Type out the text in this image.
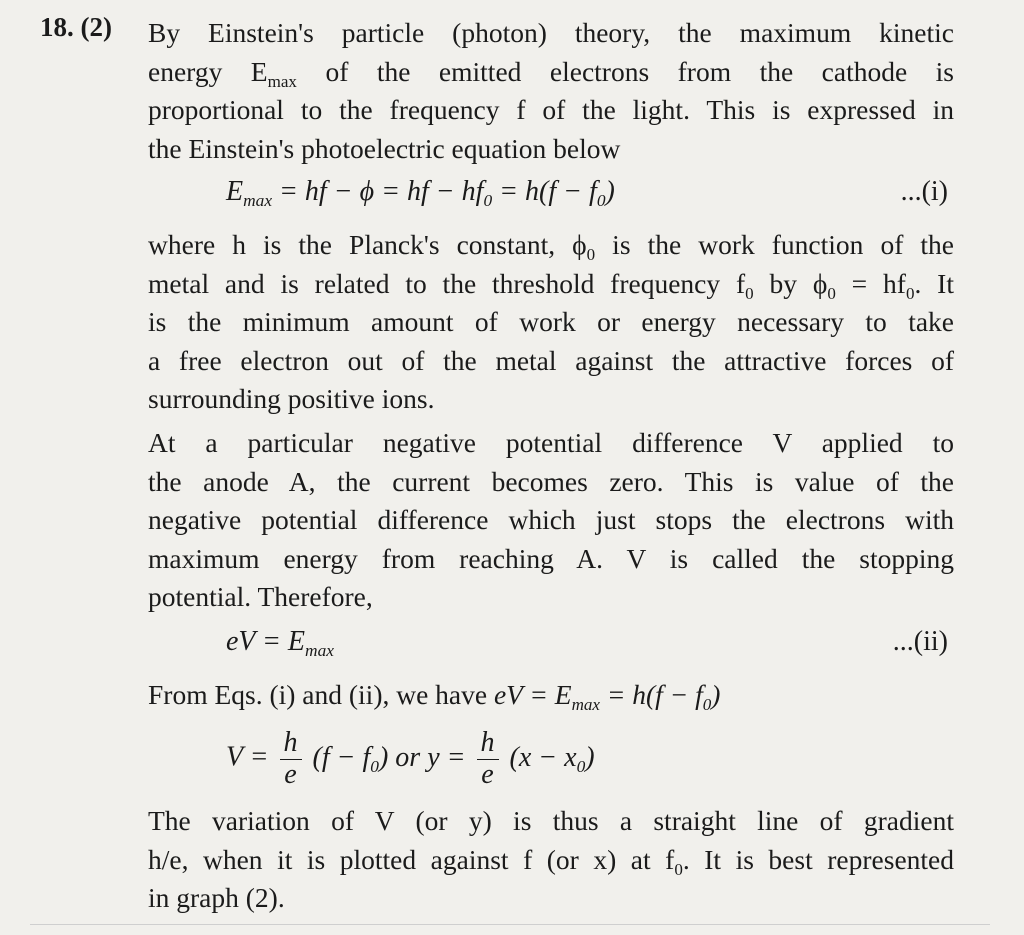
18. (2) By Einstein's particle (photon) theory, the maximum kinetic
energy $E_{max}$ of the emitted electrons from the cathode is
proportional to the frequency f of the light. This is expressed in
the Einstein's photoelectric equation below

$E_{max}$ = hf − ϕ = hf − $hf_0 = h(f - f_0)$	...(i)

where h is the Planck's constant, $\phi_0$ is the work function of the
metal and is related to the threshold frequency $f_0$ by $\phi_0 = hf_0$. It
is the minimum amount of work or energy necessary to take
a free electron out of the metal against the attractive forces of
surrounding positive ions.

At a particular negative potential difference V applied to
the anode A, the current becomes zero. This is value of the
negative potential difference which just stops the electrons with
maximum energy from reaching A. V is called the stopping
potential. Therefore,

eV = $E_{max}$	...(ii)
From Eqs. (i) and (ii), we have eV = $E_{max} = h(f - f_0)$
$V = \frac{h}{e} (f - f_0)$ or $y = \frac{h}{e} (x - x_0)$

The variation of V (or y) is thus a straight line of gradient
h/e, when it is plotted against f (or x) at $f_0$. It is best represented
in graph (2).
